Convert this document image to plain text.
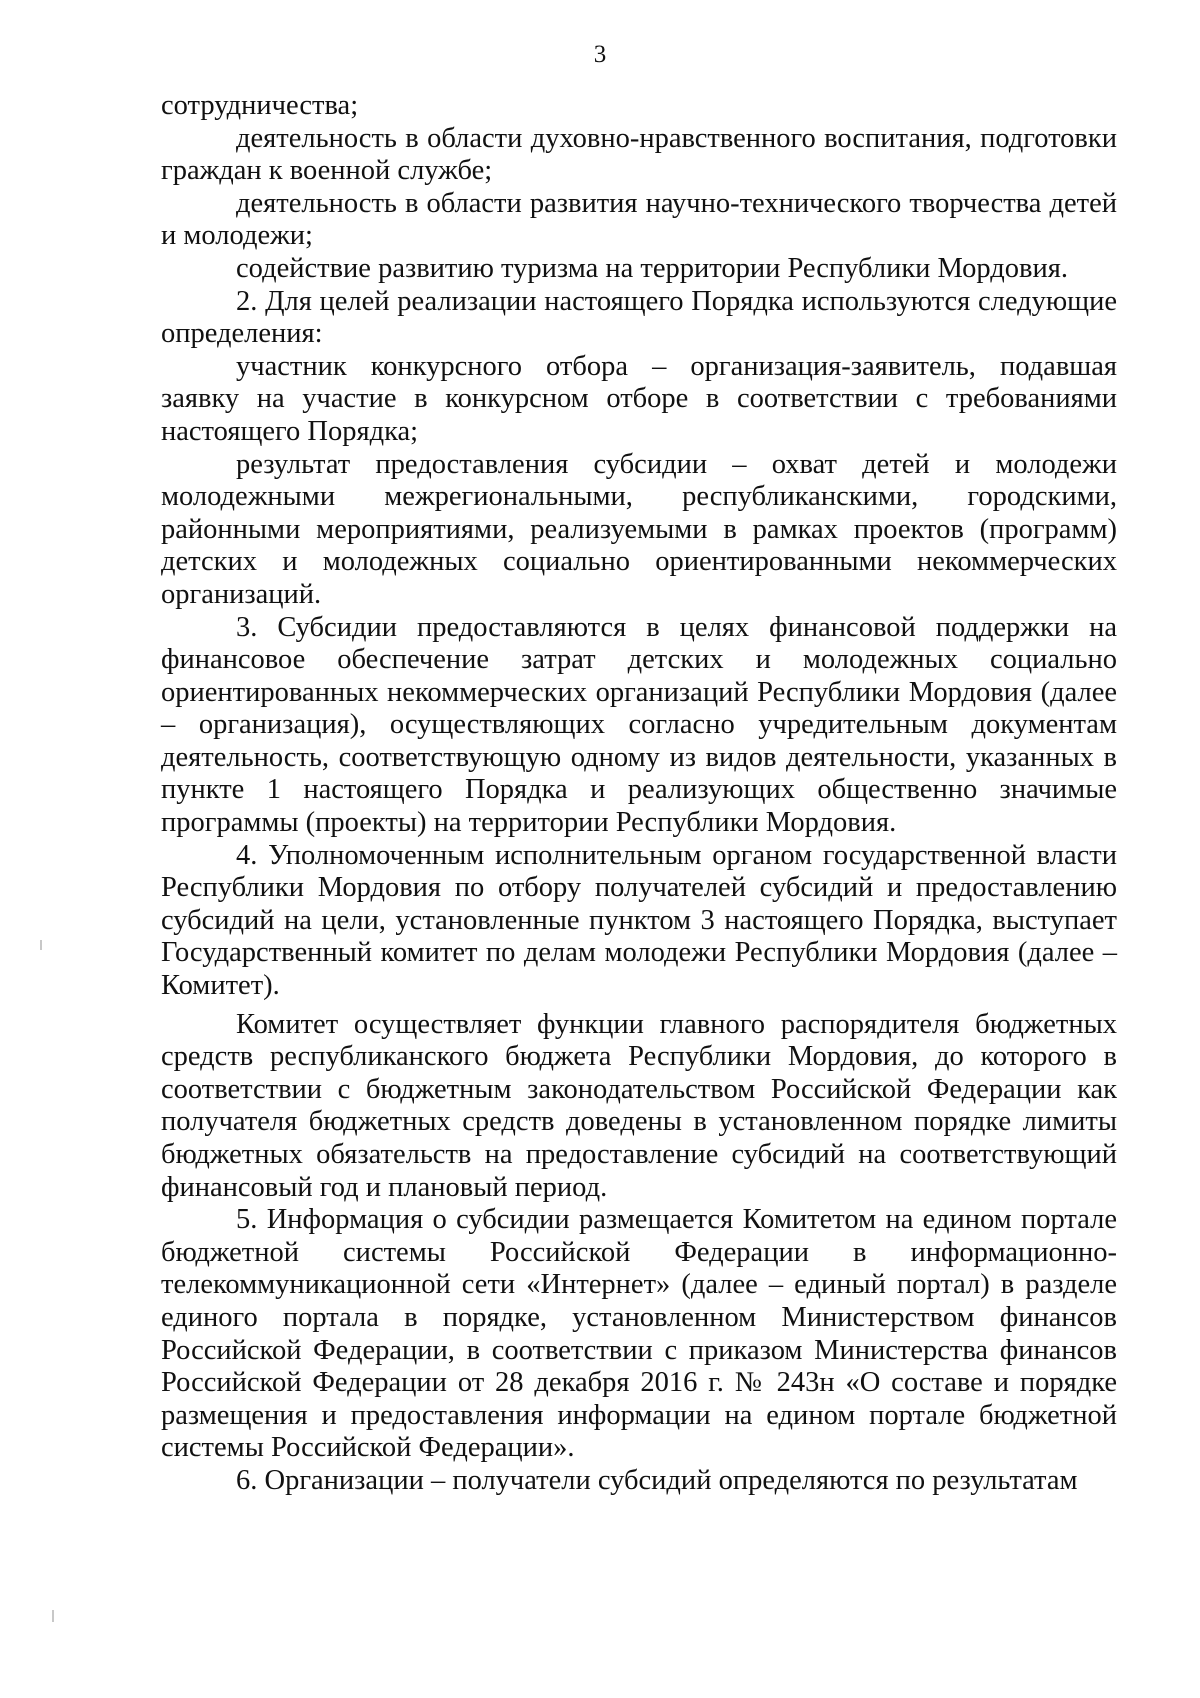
3

сотрудничества;

деятельность в области духовно-нравственного воспитания, подготовки граждан к военной службе;

деятельность в области развития научно-технического творчества детей и молодежи;

содействие развитию туризма на территории Республики Мордовия.

2. Для целей реализации настоящего Порядка используются следующие определения:

участник конкурсного отбора – организация-заявитель, подавшая заявку на участие в конкурсном отборе в соответствии с требованиями настоящего Порядка;

результат предоставления субсидии – охват детей и молодежи молодежными межрегиональными, республиканскими, городскими, районными мероприятиями, реализуемыми в рамках проектов (программ) детских и молодежных социально ориентированными некоммерческих организаций.

3. Субсидии предоставляются в целях финансовой поддержки на финансовое обеспечение затрат детских и молодежных социально ориентированных некоммерческих организаций Республики Мордовия (далее – организация), осуществляющих согласно учредительным документам деятельность, соответствующую одному из видов деятельности, указанных в пункте 1 настоящего Порядка и реализующих общественно значимые программы (проекты) на территории Республики Мордовия.

4. Уполномоченным исполнительным органом государственной власти Республики Мордовия по отбору получателей субсидий и предоставлению субсидий на цели, установленные пунктом 3 настоящего Порядка, выступает Государственный комитет по делам молодежи Республики Мордовия (далее – Комитет).

Комитет осуществляет функции главного распорядителя бюджетных средств республиканского бюджета Республики Мордовия, до которого в соответствии с бюджетным законодательством Российской Федерации как получателя бюджетных средств доведены в установленном порядке лимиты бюджетных обязательств на предоставление субсидий на соответствующий финансовый год и плановый период.

5. Информация о субсидии размещается Комитетом на едином портале бюджетной системы Российской Федерации в информационно-телекоммуникационной сети «Интернет» (далее – единый портал) в разделе единого портала в порядке, установленном Министерством финансов Российской Федерации, в соответствии с приказом Министерства финансов Российской Федерации от 28 декабря 2016 г. № 243н «О составе и порядке размещения и предоставления информации на едином портале бюджетной системы Российской Федерации».

6. Организации – получатели субсидий определяются по результатам
